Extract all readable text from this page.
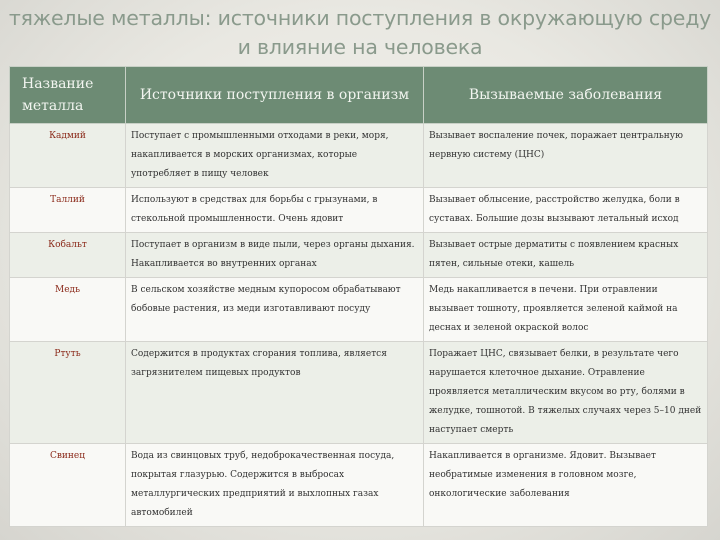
тяжелые металлы: источники поступления в окружающую среду и влияние на человека
Название металла	Источники поступления в организм	Вызываемые заболевания
Кадмий	Поступает с промышленными отходами в реки, моря, накапливается в морских организмах, которые употребляет в пищу человек	Вызывает воспаление почек, поражает центральную нервную систему (ЦНС)
Таллий	Используют в средствах для борьбы с грызунами, в стекольной промышленности. Очень ядовит	Вызывает облысение, расстройство желудка, боли в суставах. Большие дозы вызывают летальный исход
Кобальт	Поступает в организм в виде пыли, через органы дыхания. Накапливается во внутренних органах	Вызывает острые дерматиты с появлением красных пятен, сильные отеки, кашель
Медь	В сельском хозяйстве медным купоросом обрабатывают бобовые растения, из меди изготавливают посуду	Медь накапливается в печени. При отравлении вызывает тошноту, проявляется зеленой каймой на деснах и зеленой окраской волос
Ртуть	Содержится в продуктах сгорания топлива, является загрязнителем пищевых продуктов	Поражает ЦНС, связывает белки, в результате чего нарушается клеточное дыхание. Отравление проявляется металлическим вкусом во рту, болями в желудке, тошнотой. В тяжелых случаях через 5–10 дней наступает смерть
Свинец	Вода из свинцовых труб, недоброкачественная посуда, покрытая глазурью. Содержится в выбросах металлургических предприятий и выхлопных газах автомобилей	Накапливается в организме. Ядовит. Вызывает необратимые изменения в головном мозге, онкологические заболевания
